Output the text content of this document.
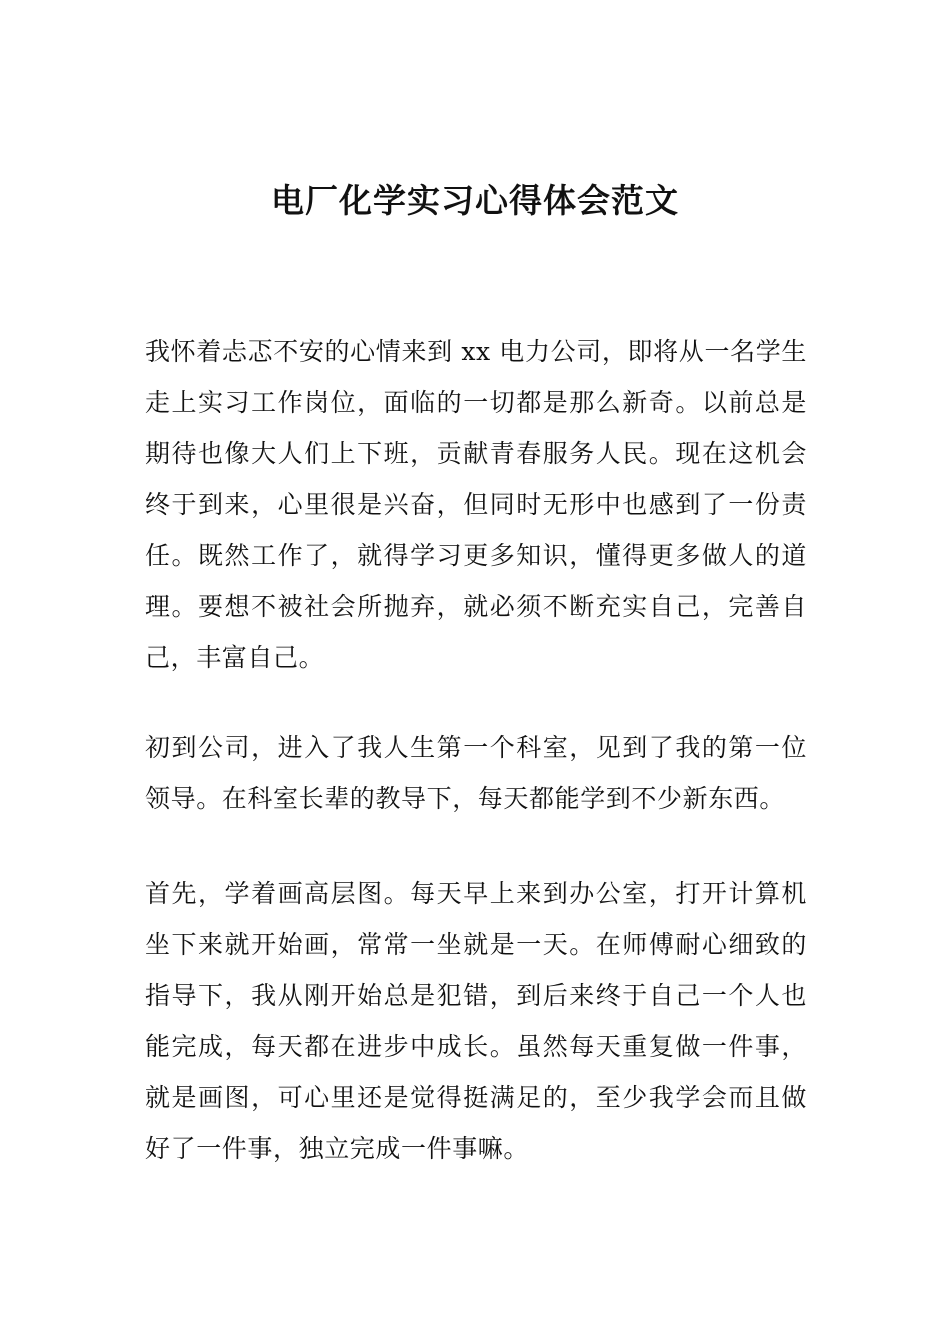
电厂化学实习心得体会范文

我怀着忐忑不安的心情来到 xx 电力公司，即将从一名学生走上实习工作岗位，面临的一切都是那么新奇。以前总是期待也像大人们上下班，贡献青春服务人民。现在这机会终于到来，心里很是兴奋，但同时无形中也感到了一份责任。既然工作了，就得学习更多知识，懂得更多做人的道理。要想不被社会所抛弃，就必须不断充实自己，完善自己，丰富自己。

初到公司，进入了我人生第一个科室，见到了我的第一位领导。在科室长辈的教导下，每天都能学到不少新东西。

首先，学着画高层图。每天早上来到办公室，打开计算机坐下来就开始画，常常一坐就是一天。在师傅耐心细致的指导下，我从刚开始总是犯错，到后来终于自己一个人也能完成，每天都在进步中成长。虽然每天重复做一件事，就是画图，可心里还是觉得挺满足的，至少我学会而且做好了一件事，独立完成一件事嘛。
